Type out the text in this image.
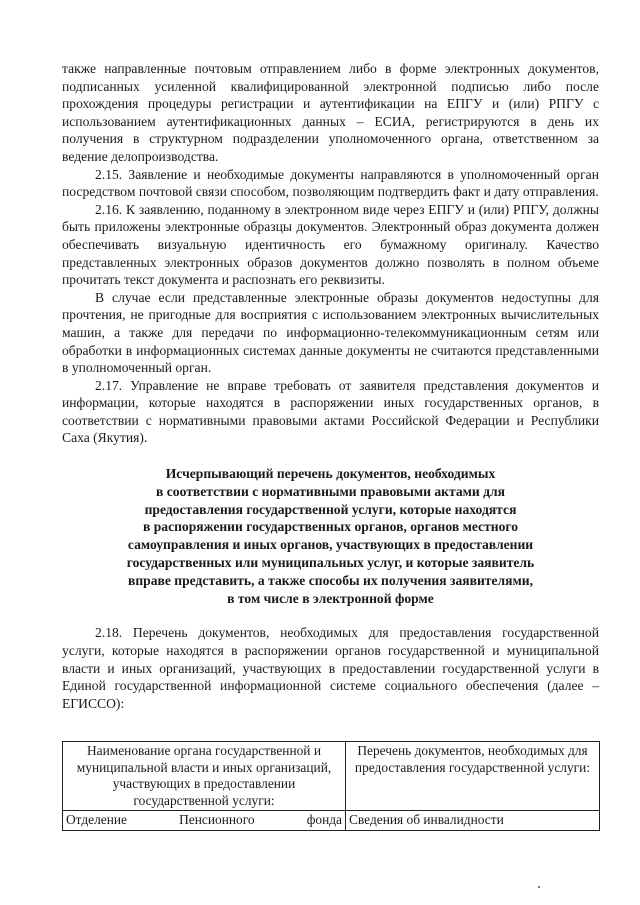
также направленные почтовым отправлением либо в форме электронных документов, подписанных усиленной квалифицированной электронной подписью либо после прохождения процедуры регистрации и аутентификации на ЕПГУ и (или) РПГУ с использованием аутентификационных данных – ЕСИА, регистрируются в день их получения в структурном подразделении уполномоченного органа, ответственном за ведение делопроизводства.

2.15. Заявление и необходимые документы направляются в уполномоченный орган посредством почтовой связи способом, позволяющим подтвердить факт и дату отправления.

2.16. К заявлению, поданному в электронном виде через ЕПГУ и (или) РПГУ, должны быть приложены электронные образцы документов. Электронный образ документа должен обеспечивать визуальную идентичность его бумажному оригиналу. Качество представленных электронных образов документов должно позволять в полном объеме прочитать текст документа и распознать его реквизиты.

В случае если представленные электронные образы документов недоступны для прочтения, не пригодные для восприятия с использованием электронных вычислительных машин, а также для передачи по информационно-телекоммуникационным сетям или обработки в информационных системах данные документы не считаются представленными в уполномоченный орган.

2.17. Управление не вправе требовать от заявителя представления документов и информации, которые находятся в распоряжении иных государственных органов, в соответствии с нормативными правовыми актами Российской Федерации и Республики Саха (Якутия).

Исчерпывающий перечень документов, необходимых
в соответствии с нормативными правовыми актами для
предоставления государственной услуги, которые находятся
в распоряжении государственных органов, органов местного
самоуправления и иных органов, участвующих в предоставлении
государственных или муниципальных услуг, и которые заявитель
вправе представить, а также способы их получения заявителями,
в том числе в электронной форме

2.18. Перечень документов, необходимых для предоставления государственной услуги, которые находятся в распоряжении органов государственной и муниципальной власти и иных организаций, участвующих в предоставлении государственной услуги в Единой государственной информационной системе социального обеспечения (далее – ЕГИССО):

Наименование органа государственной и муниципальной власти и иных организаций, участвующих в предоставлении государственной услуги:	Перечень документов, необходимых для предоставления государственной услуги:
Отделение Пенсионного фонда	Сведения об инвалидности
